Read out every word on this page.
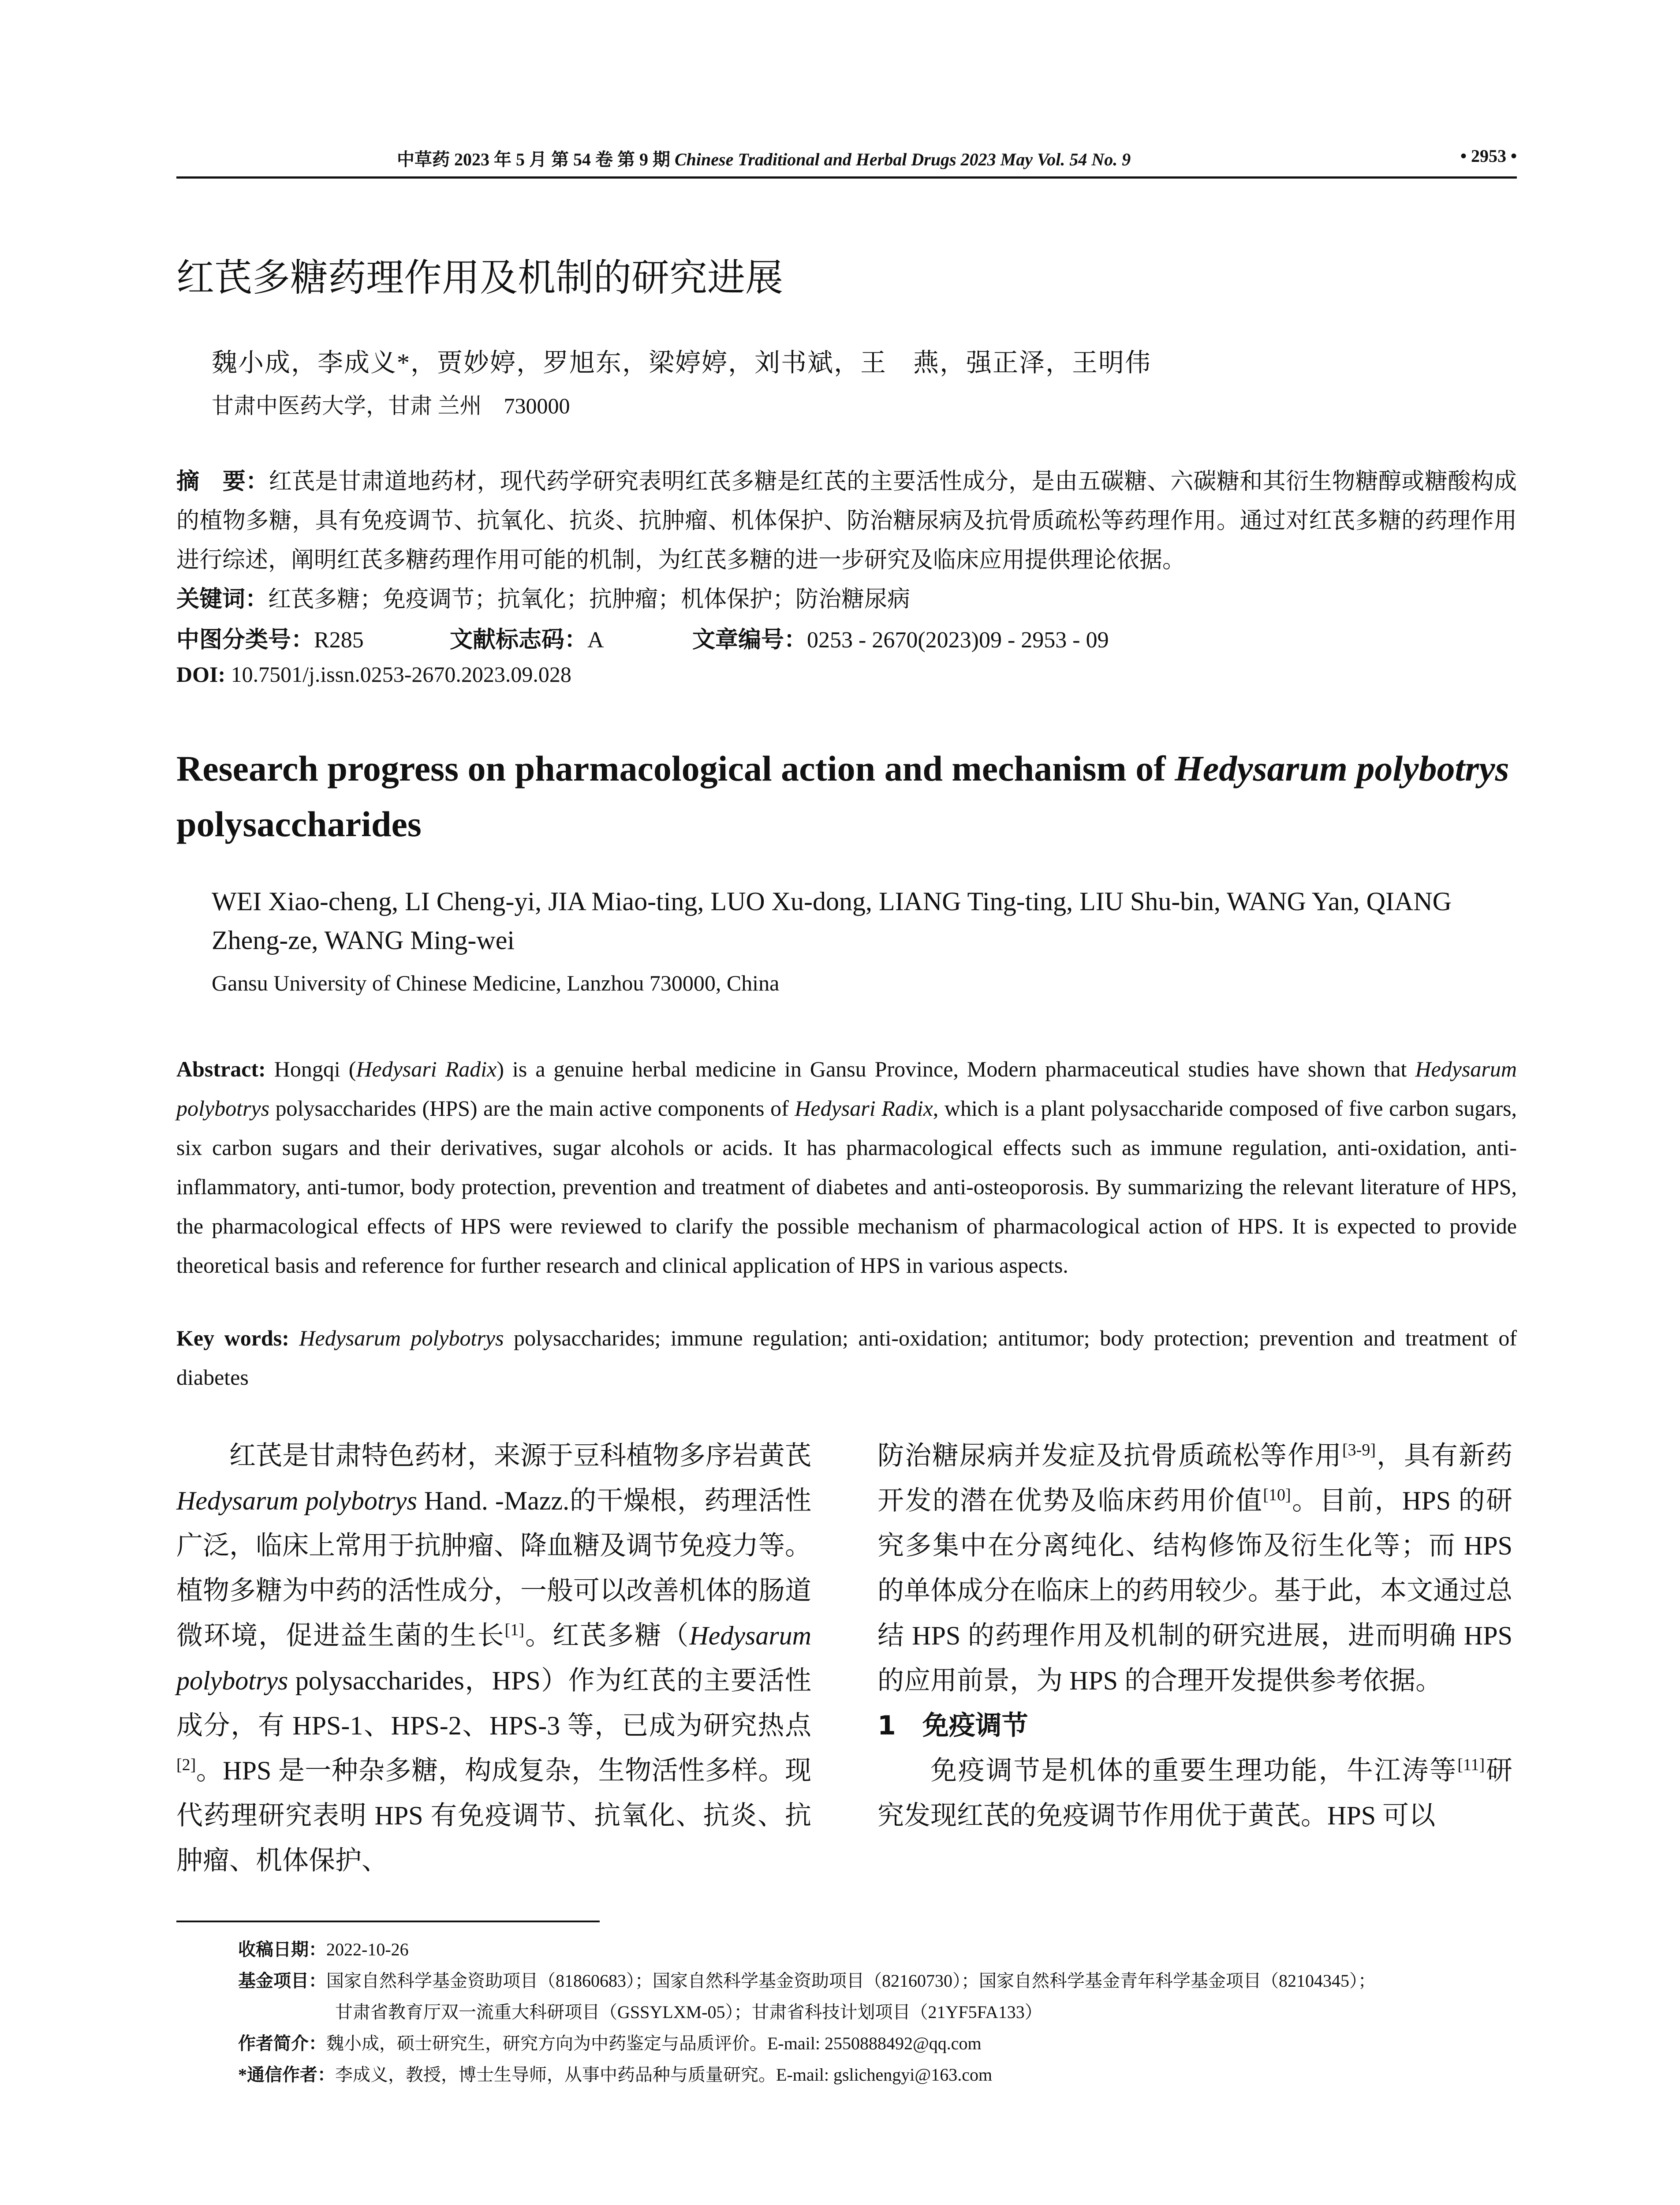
中草药 2023 年 5 月 第 54 卷 第 9 期 Chinese Traditional and Herbal Drugs 2023 May Vol. 54 No. 9	• 2953 •
红芪多糖药理作用及机制的研究进展
魏小成，李成义*，贾妙婷，罗旭东，梁婷婷，刘书斌，王　燕，强正泽，王明伟
甘肃中医药大学，甘肃 兰州　730000
摘　要：红芪是甘肃道地药材，现代药学研究表明红芪多糖是红芪的主要活性成分，是由五碳糖、六碳糖和其衍生物糖醇或糖酸构成的植物多糖，具有免疫调节、抗氧化、抗炎、抗肿瘤、机体保护、防治糖尿病及抗骨质疏松等药理作用。通过对红芪多糖的药理作用进行综述，阐明红芪多糖药理作用可能的机制，为红芪多糖的进一步研究及临床应用提供理论依据。
关键词：红芪多糖；免疫调节；抗氧化；抗肿瘤；机体保护；防治糖尿病
中图分类号：R285	文献标志码：A	文章编号：0253 - 2670(2023)09 - 2953 - 09
DOI: 10.7501/j.issn.0253-2670.2023.09.028
Research progress on pharmacological action and mechanism of Hedysarum polybotrys polysaccharides
WEI Xiao-cheng, LI Cheng-yi, JIA Miao-ting, LUO Xu-dong, LIANG Ting-ting, LIU Shu-bin, WANG Yan, QIANG Zheng-ze, WANG Ming-wei
Gansu University of Chinese Medicine, Lanzhou 730000, China
Abstract: Hongqi (Hedysari Radix) is a genuine herbal medicine in Gansu Province, Modern pharmaceutical studies have shown that Hedysarum polybotrys polysaccharides (HPS) are the main active components of Hedysari Radix, which is a plant polysaccharide composed of five carbon sugars, six carbon sugars and their derivatives, sugar alcohols or acids. It has pharmacological effects such as immune regulation, anti-oxidation, anti-inflammatory, anti-tumor, body protection, prevention and treatment of diabetes and anti-osteoporosis. By summarizing the relevant literature of HPS, the pharmacological effects of HPS were reviewed to clarify the possible mechanism of pharmacological action of HPS. It is expected to provide theoretical basis and reference for further research and clinical application of HPS in various aspects.
Key words: Hedysarum polybotrys polysaccharides; immune regulation; anti-oxidation; antitumor; body protection; prevention and treatment of diabetes

红芪是甘肃特色药材，来源于豆科植物多序岩黄芪 Hedysarum polybotrys Hand. -Mazz.的干燥根，药理活性广泛，临床上常用于抗肿瘤、降血糖及调节免疫力等。植物多糖为中药的活性成分，一般可以改善机体的肠道微环境，促进益生菌的生长[1]。红芪多糖（Hedysarum polybotrys polysaccharides，HPS）作为红芪的主要活性成分，有 HPS-1、HPS-2、HPS-3 等，已成为研究热点[2]。HPS 是一种杂多糖，构成复杂，生物活性多样。现代药理研究表明 HPS 有免疫调节、抗氧化、抗炎、抗肿瘤、机体保护、

防治糖尿病并发症及抗骨质疏松等作用[3-9]，具有新药开发的潜在优势及临床药用价值[10]。目前，HPS 的研究多集中在分离纯化、结构修饰及衍生化等；而 HPS 的单体成分在临床上的药用较少。基于此，本文通过总结 HPS 的药理作用及机制的研究进展，进而明确 HPS 的应用前景，为 HPS 的合理开发提供参考依据。

1　免疫调节

免疫调节是机体的重要生理功能，牛江涛等[11]研究发现红芪的免疫调节作用优于黄芪。HPS 可以

收稿日期：2022-10-26
基金项目：国家自然科学基金资助项目（81860683）；国家自然科学基金资助项目（82160730）；国家自然科学基金青年科学基金项目（82104345）；
甘肃省教育厅双一流重大科研项目（GSSYLXM-05）；甘肃省科技计划项目（21YF5FA133）
作者简介：魏小成，硕士研究生，研究方向为中药鉴定与品质评价。E-mail: 2550888492@qq.com
*通信作者：李成义，教授，博士生导师，从事中药品种与质量研究。E-mail: gslichengyi@163.com
